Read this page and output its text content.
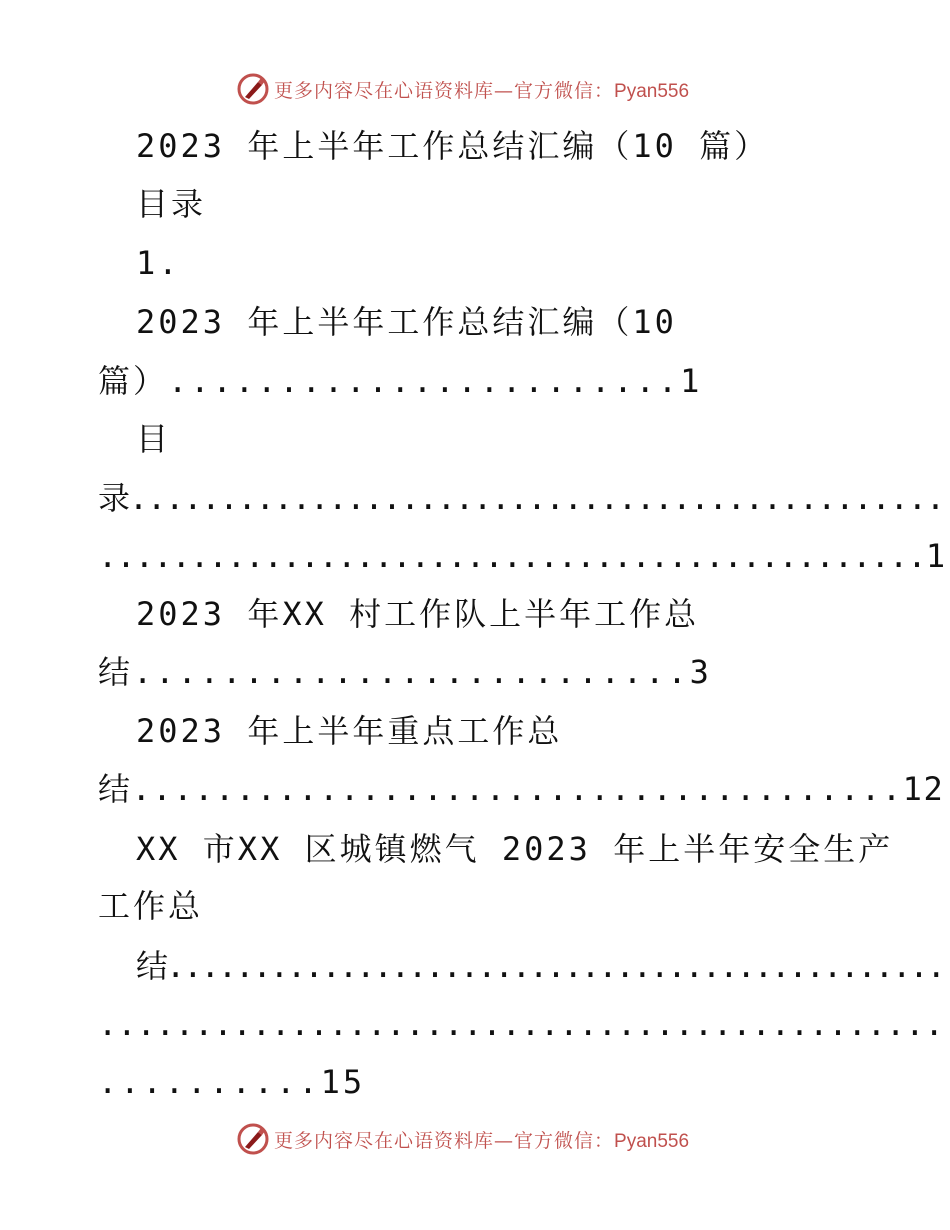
更多内容尽在心语资料库—官方微信：Pyan556
2023 年上半年工作总结汇编（10 篇）
目录
1.
2023 年上半年工作总结汇编（10
篇）.......................1
目
录.............................................
.............................................1
2023 年XX 村工作队上半年工作总
结.........................3
2023 年上半年重点工作总
结.....................................12
XX 市XX 区城镇燃气 2023 年上半年安全生产
工作总
结.............................................
............................................
..........15
更多内容尽在心语资料库—官方微信：Pyan556
